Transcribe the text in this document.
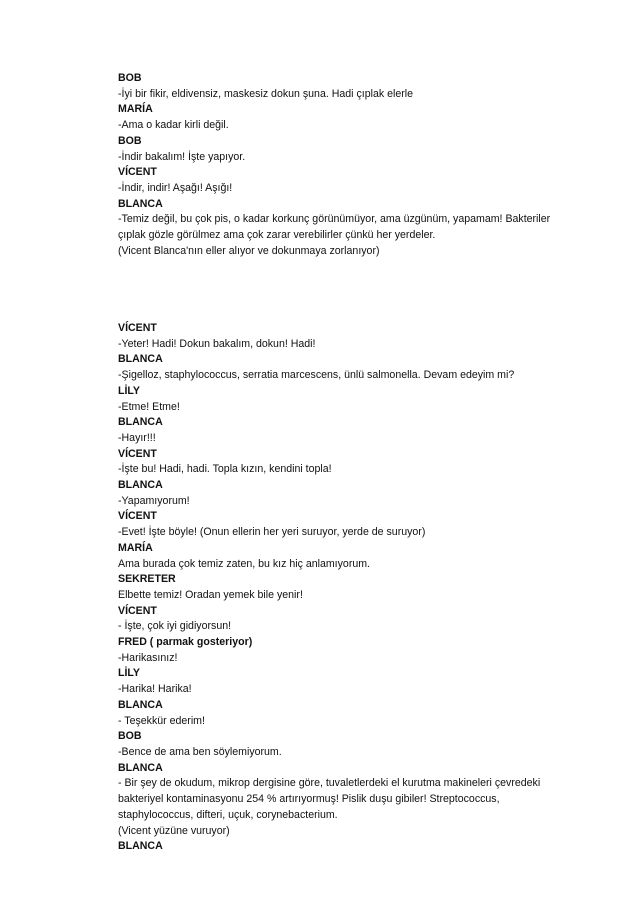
BOB
-İyi bir fikir, eldivensiz, maskesiz dokun şuna. Hadi çıplak elerle
MARÍA
-Ama o kadar kirli değil.
BOB
-İndir bakalım! İşte yapıyor.
VÍCENT
-İndir, indir! Aşağı! Aşığı!
BLANCA
-Temiz değil, bu çok pis, o kadar korkunç görünümüyor, ama üzgünüm, yapamam! Bakteriler
çıplak gözle görülmez ama çok zarar verebilirler çünkü her yerdeler.
(Vicent Blanca'nın eller alıyor ve dokunmaya zorlanıyor)
VÍCENT
-Yeter! Hadi! Dokun bakalım, dokun! Hadi!
BLANCA
-Şigelloz, staphylococcus, serratia marcescens, ünlü salmonella. Devam edeyim mi?
LİLY
-Etme! Etme!
BLANCA
-Hayır!!!
VÍCENT
-İşte bu! Hadi, hadi. Topla kızın, kendini topla!
BLANCA
-Yapamıyorum!
VÍCENT
-Evet! İşte böyle! (Onun ellerin her yeri suruyor, yerde de suruyor)
MARÍA
Ama burada çok temiz zaten, bu kız hiç anlamıyorum.
SEKRETER
Elbette temiz! Oradan yemek bile yenir!
VÍCENT
- İşte, çok iyi gidiyorsun!
FRED ( parmak gosteriyor)
-Harikasınız!
LİLY
-Harika! Harika!
BLANCA
- Teşekkür ederim!
BOB
-Bence de ama ben söylemiyorum.
BLANCA
- Bir şey de okudum, mikrop dergisine göre, tuvaletlerdeki el kurutma makineleri çevredeki
bakteriyel kontaminasyonu 254 % artırıyormuş! Pislik duşu gibiler! Streptococcus,
staphylococcus, difteri, uçuk, corynebacterium.
(Vicent yüzüne vuruyor)
BLANCA
